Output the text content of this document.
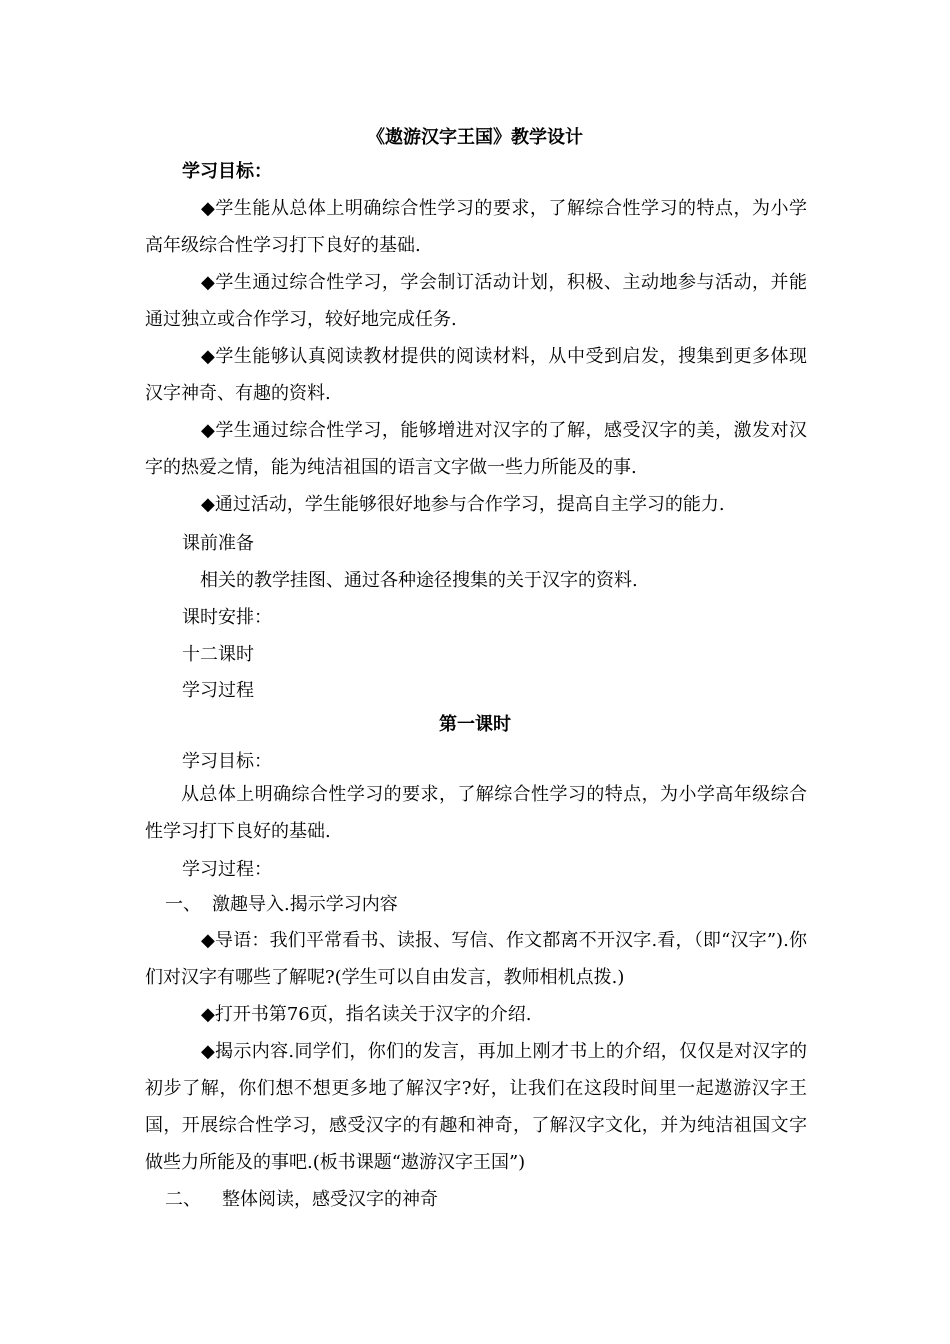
《遨游汉字王国》教学设计
学习目标：
◆学生能从总体上明确综合性学习的要求，了解综合性学习的特点，为小学高年级综合性学习打下良好的基础.
◆学生通过综合性学习，学会制订活动计划，积极、主动地参与活动，并能通过独立或合作学习，较好地完成任务.
◆学生能够认真阅读教材提供的阅读材料，从中受到启发，搜集到更多体现汉字神奇、有趣的资料.
◆学生通过综合性学习，能够增进对汉字的了解，感受汉字的美，激发对汉字的热爱之情，能为纯洁祖国的语言文字做一些力所能及的事.
◆通过活动，学生能够很好地参与合作学习，提高自主学习的能力.
课前准备
相关的教学挂图、通过各种途径搜集的关于汉字的资料.
课时安排：
十二课时
学习过程
第一课时
学习目标：
从总体上明确综合性学习的要求，了解综合性学习的特点，为小学高年级综合性学习打下良好的基础.
学习过程：
一、 激趣导入.揭示学习内容
◆导语：我们平常看书、读报、写信、作文都离不开汉字.看，（即“汉字”).你们对汉字有哪些了解呢?(学生可以自由发言，教师相机点拨.)
◆打开书第76页，指名读关于汉字的介绍.
◆揭示内容.同学们，你们的发言，再加上刚才书上的介绍，仅仅是对汉字的初步了解，你们想不想更多地了解汉字?好，让我们在这段时间里一起遨游汉字王国，开展综合性学习，感受汉字的有趣和神奇，了解汉字文化，并为纯洁祖国文字做些力所能及的事吧.(板书课题“遨游汉字王国”)
二、 整体阅读，感受汉字的神奇
